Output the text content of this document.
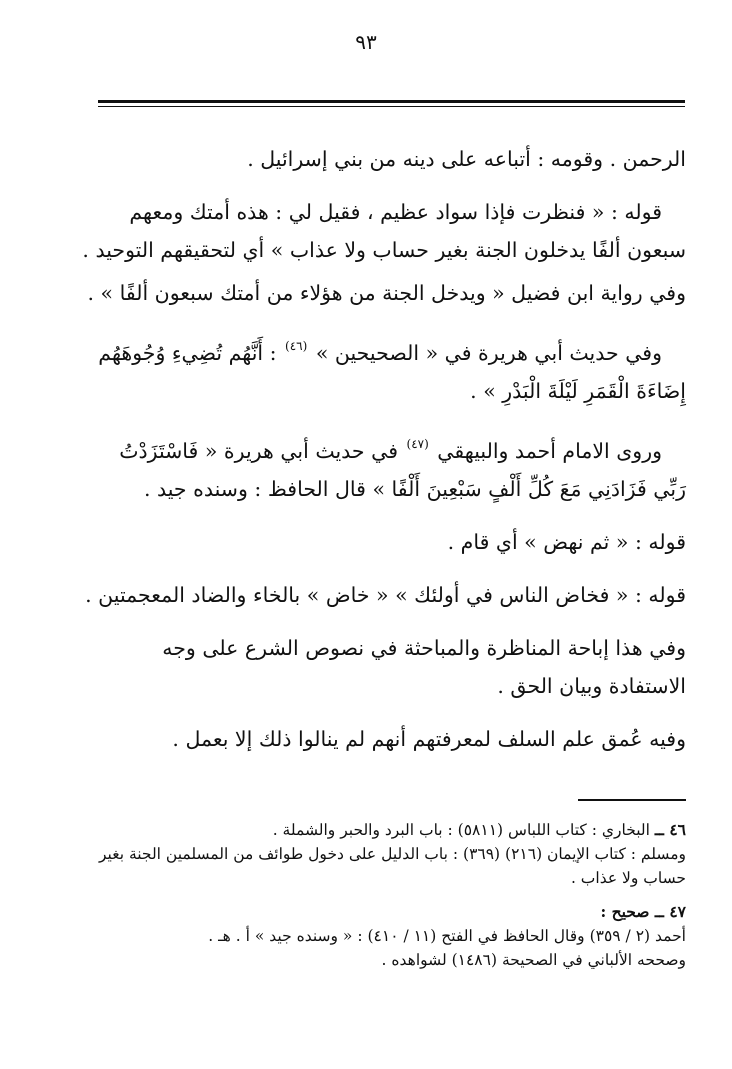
٩٣

الرحمن . وقومه : أتباعه على دينه من بني إسرائيل .

قوله : « فنظرت فإذا سواد عظيم ، فقيل لي : هذه أمتك ومعهم سبعون ألفًا يدخلون الجنة بغير حساب ولا عذاب » أي لتحقيقهم التوحيد .

وفي رواية ابن فضيل « ويدخل الجنة من هؤلاء من أمتك سبعون ألفًا » .

وفي حديث أبي هريرة في « الصحيحين » $^{(٤٦)}$ : أَنَّهُم تُضِيءِ وُجُوهَهُم إِضَاءَةَ الْقَمَرِ لَيْلَةَ الْبَدْرِ » .

وروى الامام أحمد والبيهقي $^{(٤٧)}$ في حديث أبي هريرة « فَاسْتَزَدْتُ رَبِّي فَزَادَنِي مَعَ كُلِّ أَلْفٍ سَبْعِينَ أَلْفًا » قال الحافظ : وسنده جيد .

قوله : « ثم نهض » أي قام .

قوله : « فخاض الناس في أولئك » « خاض » بالخاء والضاد المعجمتين .

وفي هذا إباحة المناظرة والمباحثة في نصوص الشرع على وجه الاستفادة وبيان الحق .

وفيه عُمق علم السلف لمعرفتهم أنهم لم ينالوا ذلك إلا بعمل .

٤٦ ــ البخاري : كتاب اللباس (٥٨١١) : باب البرد والحبر والشملة .
ومسلم : كتاب الإيمان (٢١٦) (٣٦٩) : باب الدليل على دخول طوائف من المسلمين الجنة بغير حساب ولا عذاب .
٤٧ ــ صحيح :
أحمد (٢ / ٣٥٩) وقال الحافظ في الفتح (١١ / ٤١٠) : « وسنده جيد » أ . هـ .
وصححه الألباني في الصحيحة (١٤٨٦) لشواهده .
